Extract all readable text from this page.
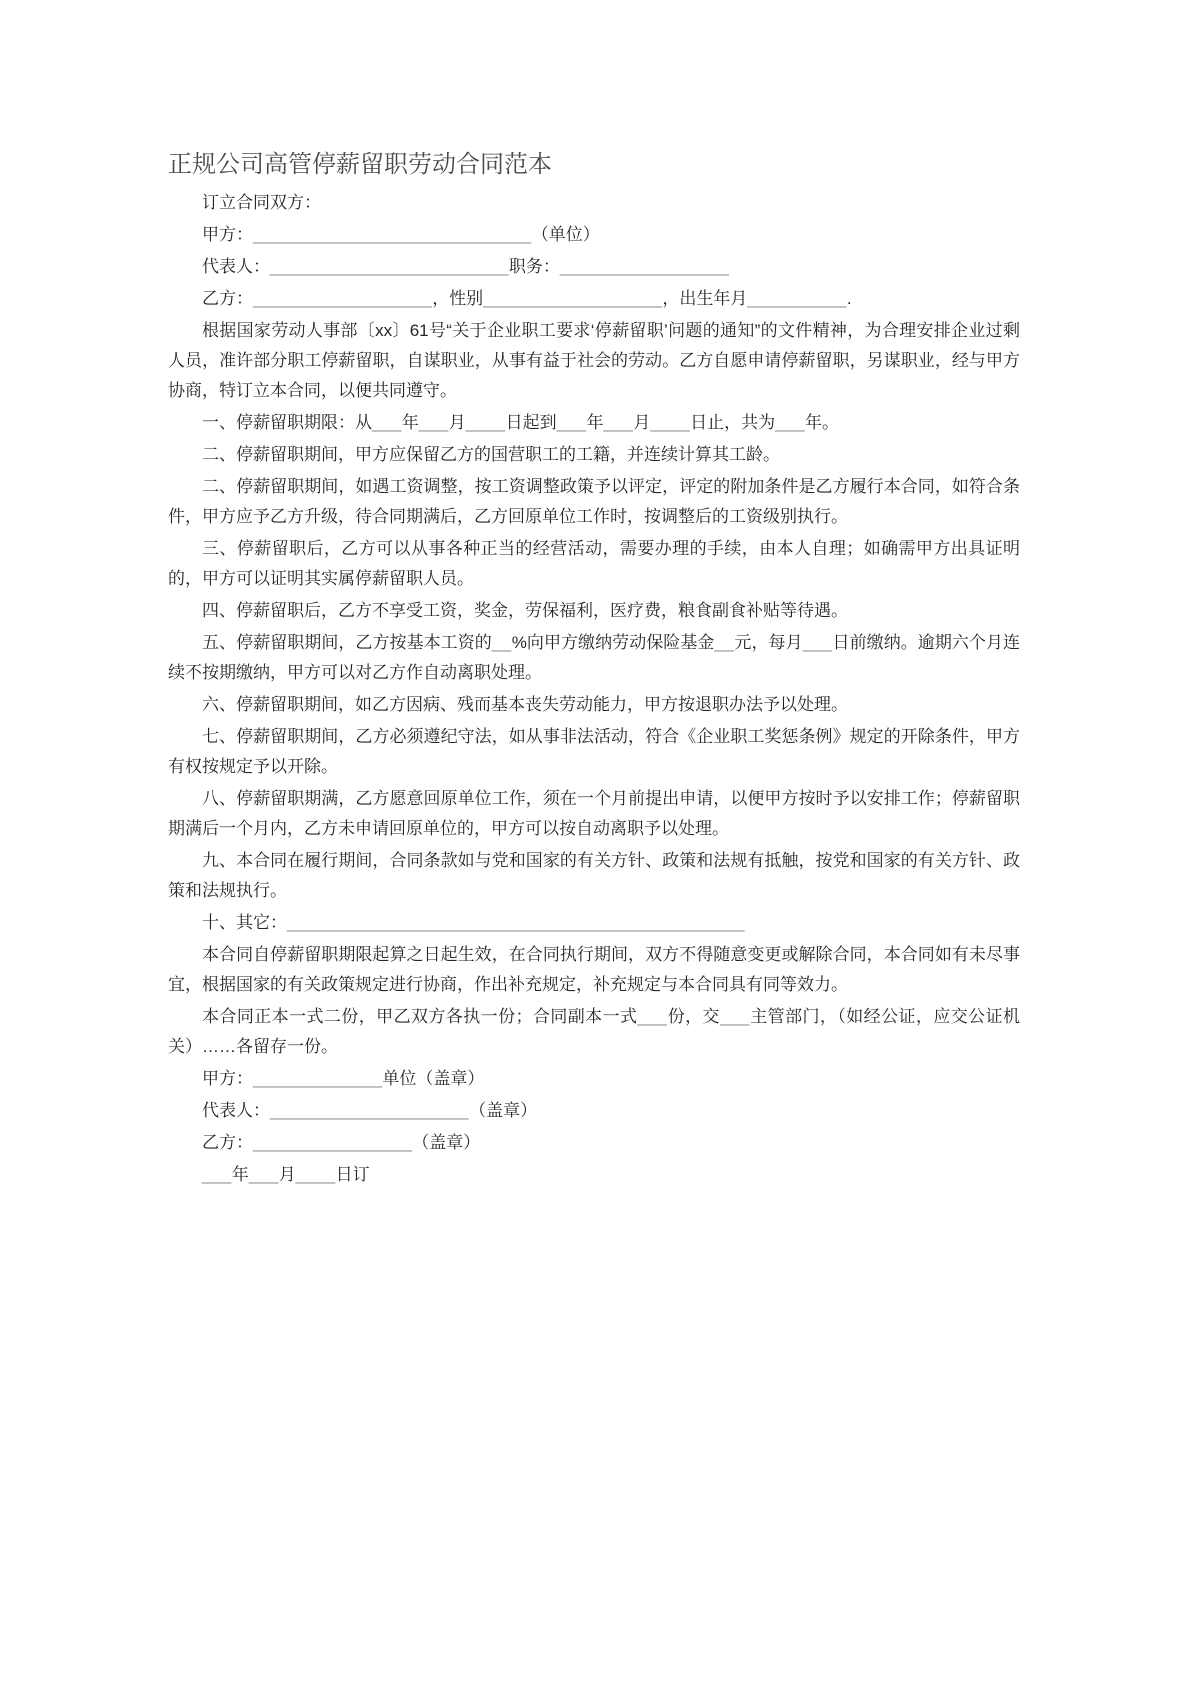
正规公司高管停薪留职劳动合同范本

订立合同双方：

甲方：____________________________（单位）

代表人：________________________职务：_________________

乙方：__________________，性别__________________，出生年月__________.

根据国家劳动人事部〔xx〕61号“关于企业职工要求‘停薪留职’问题的通知”的文件精神，为合理安排企业过剩人员，准许部分职工停薪留职，自谋职业，从事有益于社会的劳动。乙方自愿申请停薪留职，另谋职业，经与甲方协商，特订立本合同，以便共同遵守。

一、停薪留职期限：从___年___月____日起到___年___月____日止，共为___年。

二、停薪留职期间，甲方应保留乙方的国营职工的工籍，并连续计算其工龄。

二、停薪留职期间，如遇工资调整，按工资调整政策予以评定，评定的附加条件是乙方履行本合同，如符合条件，甲方应予乙方升级，待合同期满后，乙方回原单位工作时，按调整后的工资级别执行。

三、停薪留职后，乙方可以从事各种正当的经营活动，需要办理的手续，由本人自理；如确需甲方出具证明的，甲方可以证明其实属停薪留职人员。

四、停薪留职后，乙方不享受工资，奖金，劳保福利，医疗费，粮食副食补贴等待遇。

五、停薪留职期间，乙方按基本工资的__%向甲方缴纳劳动保险基金__元，每月___日前缴纳。逾期六个月连续不按期缴纳，甲方可以对乙方作自动离职处理。

六、停薪留职期间，如乙方因病、残而基本丧失劳动能力，甲方按退职办法予以处理。

七、停薪留职期间，乙方必须遵纪守法，如从事非法活动，符合《企业职工奖惩条例》规定的开除条件，甲方有权按规定予以开除。

八、停薪留职期满，乙方愿意回原单位工作，须在一个月前提出申请，以便甲方按时予以安排工作；停薪留职期满后一个月内，乙方未申请回原单位的，甲方可以按自动离职予以处理。

九、本合同在履行期间，合同条款如与党和国家的有关方针、政策和法规有抵触，按党和国家的有关方针、政策和法规执行。

十、其它：______________________________________________

本合同自停薪留职期限起算之日起生效，在合同执行期间，双方不得随意变更或解除合同，本合同如有未尽事宜，根据国家的有关政策规定进行协商，作出补充规定，补充规定与本合同具有同等效力。

本合同正本一式二份，甲乙双方各执一份；合同副本一式___份，交___主管部门，（如经公证，应交公证机关）……各留存一份。

甲方：_____________单位（盖章）

代表人：____________________（盖章）

乙方：________________（盖章）

___年___月____日订
